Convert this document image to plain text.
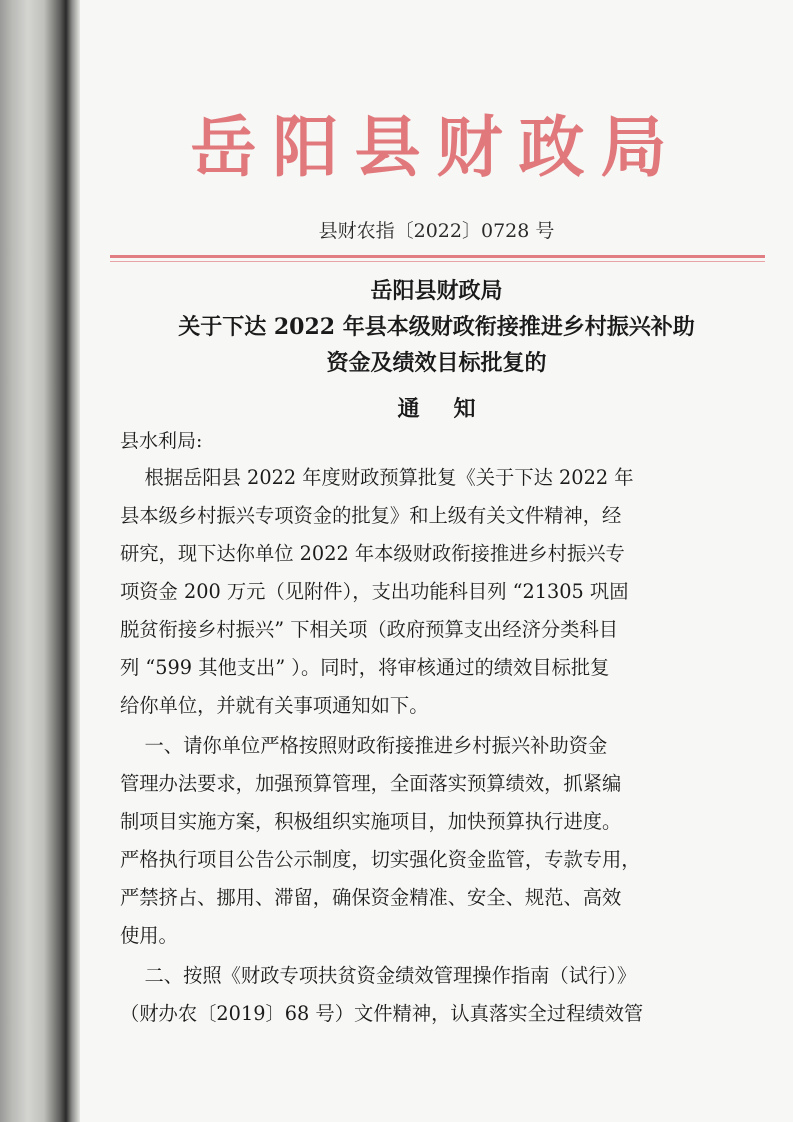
岳阳县财政局
县财农指〔2022〕0728 号
岳阳县财政局
关于下达 2022 年县本级财政衔接推进乡村振兴补助
资金及绩效目标批复的
通知
县水利局:
根据岳阳县 2022 年度财政预算批复《关于下达 2022 年
县本级乡村振兴专项资金的批复》和上级有关文件精神，经
研究，现下达你单位 2022 年本级财政衔接推进乡村振兴专
项资金 200 万元（见附件），支出功能科目列 “21305 巩固
脱贫衔接乡村振兴” 下相关项（政府预算支出经济分类科目
列 “599 其他支出” ）。同时，将审核通过的绩效目标批复
给你单位，并就有关事项通知如下。
一、请你单位严格按照财政衔接推进乡村振兴补助资金
管理办法要求，加强预算管理，全面落实预算绩效，抓紧编
制项目实施方案，积极组织实施项目，加快预算执行进度。
严格执行项目公告公示制度，切实强化资金监管，专款专用，
严禁挤占、挪用、滞留，确保资金精准、安全、规范、高效
使用。
二、按照《财政专项扶贫资金绩效管理操作指南（试行）》
（财办农〔2019〕68 号）文件精神，认真落实全过程绩效管
